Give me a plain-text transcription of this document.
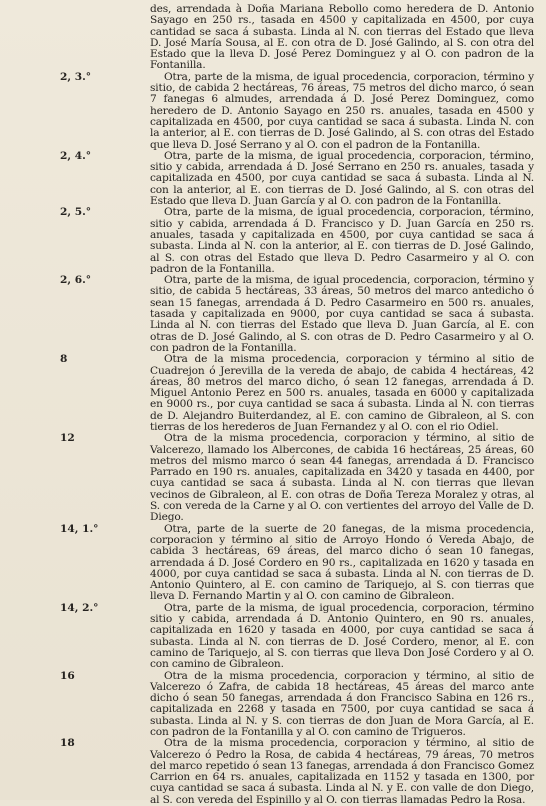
des, arrendada à Doña Mariana Rebollo como heredera de D. Antonio Sayago en 250 rs., tasada en 4500 y capitalizada en 4500, por cuya cantidad se saca á subasta. Linda al N. con tierras del Estado que lleva D. José María Sousa, al E. con otra de D. José Galindo, al S. con otra del Estado que la lleva D. José Perez Dominguez y al O. con padron de la Fontanilla.
2, 3.°	Otra, parte de la misma, de igual procedencia, corporacion, término y sitio, de cabida 2 hectáreas, 76 áreas, 75 metros del dicho marco, ó sean 7 fanegas 6 almudes, arrendada á D. José Perez Dominguez, como heredero de D. Antonio Sayago en 250 rs. anuales, tasada en 4500 y capitalizada en 4500, por cuya cantidad se saca á subasta. Linda N. con la anterior, al E. con tierras de D. José Galindo, al S. con otras del Estado que lleva D. José Serrano y al O. con el padron de la Fontanilla.
2, 4.°	Otra, parte de la misma, de igual procedencia, corporacion, término, sitio y cabida, arrendada á D. José Serrano en 250 rs. anuales, tasada y capitalizada en 4500, por cuya cantidad se saca á subasta. Linda al N. con la anterior, al E. con tierras de D. José Galindo, al S. con otras del Estado que lleva D. Juan García y al O. con padron de la Fontanilla.
2, 5.°	Otra, parte de la misma, de igual procedencia, corporacion, término, sitio y cabida, arrendada á D. Francisco y D. Juan García en 250 rs. anuales, tasada y capitalizada en 4500, por cuya cantidad se saca á subasta. Linda al N. con la anterior, al E. con tierras de D. José Galindo, al S. con otras del Estado que lleva D. Pedro Casarmeiro y al O. con padron de la Fontanilla.
2, 6.°	Otra, parte de la misma, de igual procedencia, corporacion, término y sitio, de cabida 5 hectáreas, 33 áreas, 50 metros del marco antedicho ó sean 15 fanegas, arrendada á D. Pedro Casarmeiro en 500 rs. anuales, tasada y capitalizada en 9000, por cuya cantidad se saca á subasta. Linda al N. con tierras del Estado que lleva D. Juan García, al E. con otras de D. José Galindo, al S. con otras de D. Pedro Casarmeiro y al O. con padron de la Fontanilla.
8	Otra de la misma procedencia, corporacion y término al sitio de Cuadrejon ó Jerevilla de la vereda de abajo, de cabida 4 hectáreas, 42 áreas, 80 metros del marco dicho, ó sean 12 fanegas, arrendada á D. Miguel Antonio Perez en 500 rs. anuales, tasada en 6000 y capitalizada en 9000 rs., por cuya cantidad se saca á subasta. Linda al N. con tierras de D. Alejandro Buiterdandez, al E. con camino de Gibraleon, al S. con tierras de los herederos de Juan Fernandez y al O. con el rio Odiel.
12	Otra de la misma procedencia, corporacion y término, al sitio de Valcerezo, llamado los Albercones, de cabida 16 hectáreas, 25 áreas, 60 metros del mismo marco ó sean 44 fanegas, arrendada á D. Francisco Parrado en 190 rs. anuales, capitalizada en 3420 y tasada en 4400, por cuya cantidad se saca á subasta. Linda al N. con tierras que llevan vecinos de Gibraleon, al E. con otras de Doña Tereza Moralez y otras, al S. con vereda de la Carne y al O. con vertientes del arroyo del Valle de D. Diego.
14, 1.°	Otra, parte de la suerte de 20 fanegas, de la misma procedencia, corporacion y término al sitio de Arroyo Hondo ó Vereda Abajo, de cabida 3 hectáreas, 69 áreas, del marco dicho ó sean 10 fanegas, arrendada á D. José Cordero en 90 rs., capitalizada en 1620 y tasada en 4000, por cuya cantidad se saca á subasta. Linda al N. con tierras de D. Antonio Quintero, al E. con camino de Tariquejo, al S. con tierras que lleva D. Fernando Martin y al O. con camino de Gibraleon.
14, 2.°	Otra, parte de la misma, de igual procedencia, corporacion, término sitio y cabida, arrendada á D. Antonio Quintero, en 90 rs. anuales, capitalizada en 1620 y tasada en 4000, por cuya cantidad se saca á subasta. Linda al N. con tierras de D. José Cordero, menor, al E. con camino de Tariquejo, al S. con tierras que lleva Don José Cordero y al O. con camino de Gibraleon.
16	Otra de la misma procedencia, corporacion y término, al sitio de Valcerezo ó Zafra, de cabida 18 hectáreas, 45 áreas del marco ante dicho ó sean 50 fanegas, arrendada á don Francisco Sabina en 126 rs., capitalizada en 2268 y tasada en 7500, por cuya cantidad se saca á subasta. Linda al N. y S. con tierras de don Juan de Mora García, al E. con padron de la Fontanilla y al O. con camino de Trigueros.
18	Otra de la misma procedencia, corporacion y término, al sitio de Valcerezo ó Pedro la Rosa, de cabida 4 hectáreas, 79 áreas, 70 metros del marco repetido ó sean 13 fanegas, arrendada á don Francisco Gomez Carrion en 64 rs. anuales, capitalizada en 1152 y tasada en 1300, por cuya cantidad se saca á subasta. Linda al N. y E. con valle de don Diego, al S. con vereda del Espinillo y al O. con tierras llamadas Pedro la Rosa.
